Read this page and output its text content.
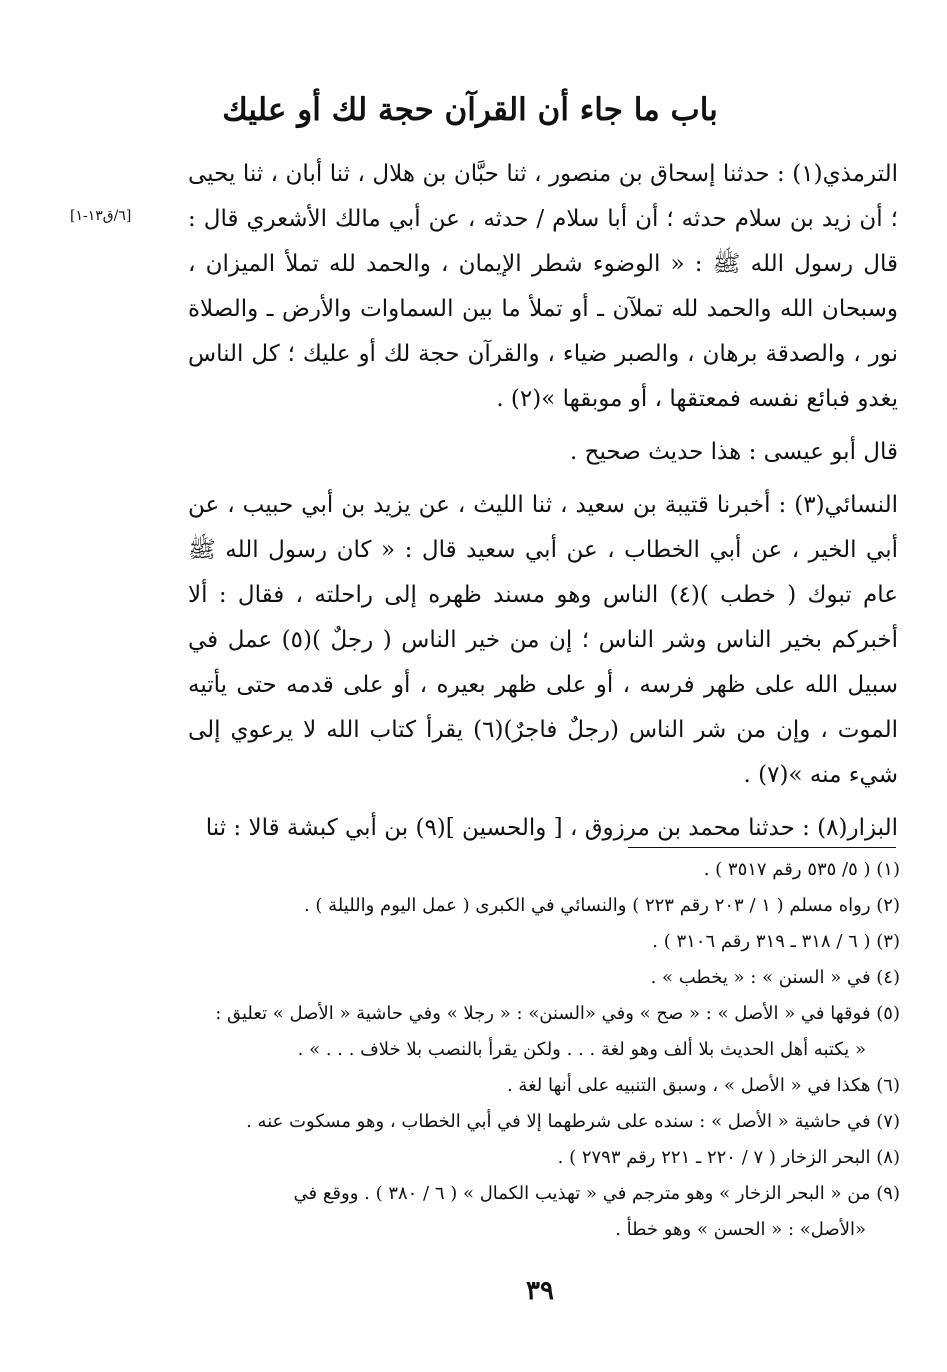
باب ما جاء أن القرآن حجة لك أو عليك
[٦/ق١٣-١]

الترمذي(١) : حدثنا إسحاق بن منصور ، ثنا حبَّان بن هلال ، ثنا أبان ، ثنا يحيى ؛ أن زيد بن سلام حدثه ؛ أن أبا سلام / حدثه ، عن أبي مالك الأشعري قال : قال رسول الله ﷺ : « الوضوء شطر الإيمان ، والحمد لله تملأ الميزان ، وسبحان الله والحمد لله تملآن ـ أو تملأ ما بين السماوات والأرض ـ والصلاة نور ، والصدقة برهان ، والصبر ضياء ، والقرآن حجة لك أو عليك ؛ كل الناس يغدو فبائع نفسه فمعتقها ، أو موبقها »(٢) .

قال أبو عيسى : هذا حديث صحيح .

النسائي(٣) : أخبرنا قتيبة بن سعيد ، ثنا الليث ، عن يزيد بن أبي حبيب ، عن أبي الخير ، عن أبي الخطاب ، عن أبي سعيد قال : « كان رسول الله ﷺ عام تبوك ( خطب )(٤) الناس وهو مسند ظهره إلى راحلته ، فقال : ألا أخبركم بخير الناس وشر الناس ؛ إن من خير الناس ( رجلٌ )(٥) عمل في سبيل الله على ظهر فرسه ، أو على ظهر بعيره ، أو على قدمه حتى يأتيه الموت ، وإن من شر الناس (رجلٌ فاجرٌ)(٦) يقرأ كتاب الله لا يرعوي إلى شيء منه »(٧) .

البزار(٨) : حدثنا محمد بن مرزوق ، [ والحسين ](٩) بن أبي كبشة قالا : ثنا

(١) ( ٥/ ٥٣٥ رقم ٣٥١٧ ) .
(٢) رواه مسلم ( ١ / ٢٠٣ رقم ٢٢٣ ) والنسائي في الكبرى ( عمل اليوم والليلة ) .
(٣) ( ٦ / ٣١٨ ـ ٣١٩ رقم ٣١٠٦ ) .
(٤) في « السنن » : « يخطب » .
(٥) فوقها في « الأصل » : « صح » وفي «السنن» : « رجلا » وفي حاشية « الأصل » تعليق :
« يكتبه أهل الحديث بلا ألف وهو لغة . . . ولكن يقرأ بالنصب بلا خلاف . . . » .
(٦) هكذا في « الأصل » ، وسبق التنبيه على أنها لغة .
(٧) في حاشية « الأصل » : سنده على شرطهما إلا في أبي الخطاب ، وهو مسكوت عنه .
(٨) البحر الزخار ( ٧ / ٢٢٠ ـ ٢٢١ رقم ٢٧٩٣ ) .
(٩) من « البحر الزخار » وهو مترجم في « تهذيب الكمال » ( ٦ / ٣٨٠ ) . ووقع في
«الأصل» : « الحسن » وهو خطأ .
٣٩
